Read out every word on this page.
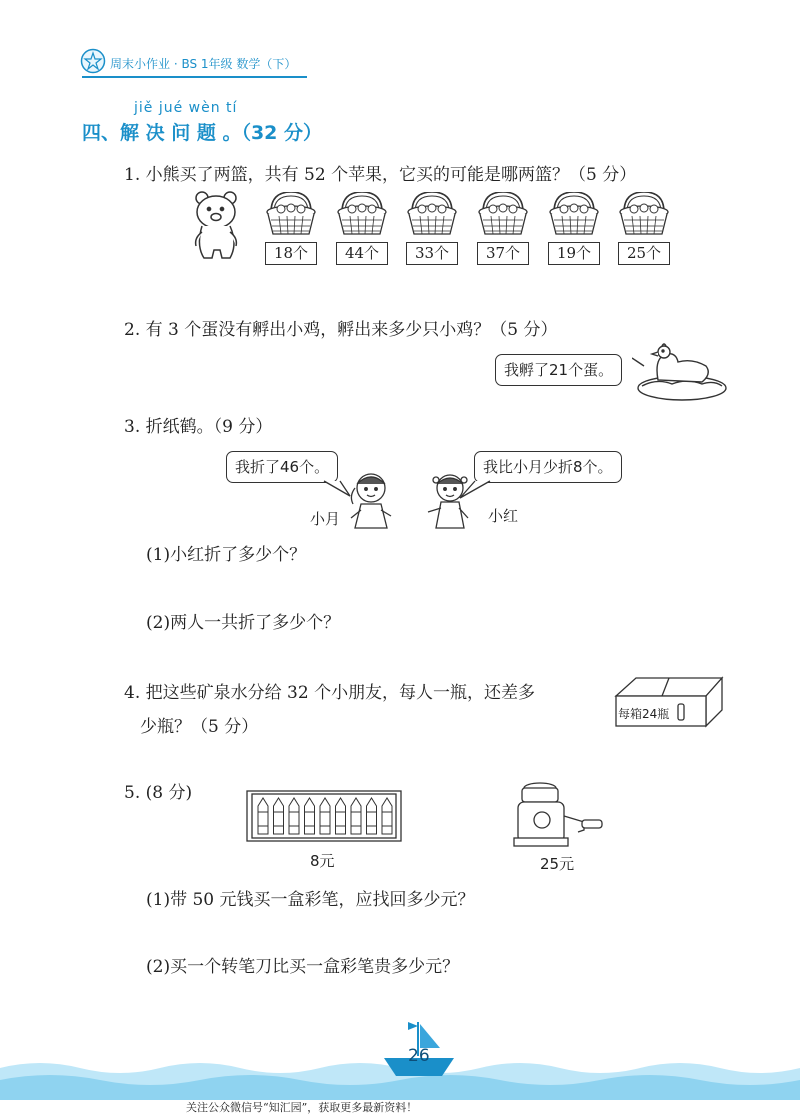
周末小作业 · BS 1年级 数学（下）
jiě jué wèn tí
四、解 决 问 题 。（32 分）
1. 小熊买了两篮，共有 52 个苹果，它买的可能是哪两篮？（5 分）
18个	44个	33个	37个	19个	25个
2. 有 3 个蛋没有孵出小鸡，孵出来多少只小鸡？（5 分）
我孵了21个蛋。
3. 折纸鹤。（9 分）
我折了46个。	我比小月少折8个。
小月	小红
(1)小红折了多少个？
(2)两人一共折了多少个？
4. 把这些矿泉水分给 32 个小朋友，每人一瓶，还差多
少瓶？（5 分）
每箱24瓶
5. (8 分)
8元	25元
(1)带 50 元钱买一盒彩笔，应找回多少元？
(2)买一个转笔刀比买一盒彩笔贵多少元？
26
关注公众微信号“知汇园”，获取更多最新资料！
